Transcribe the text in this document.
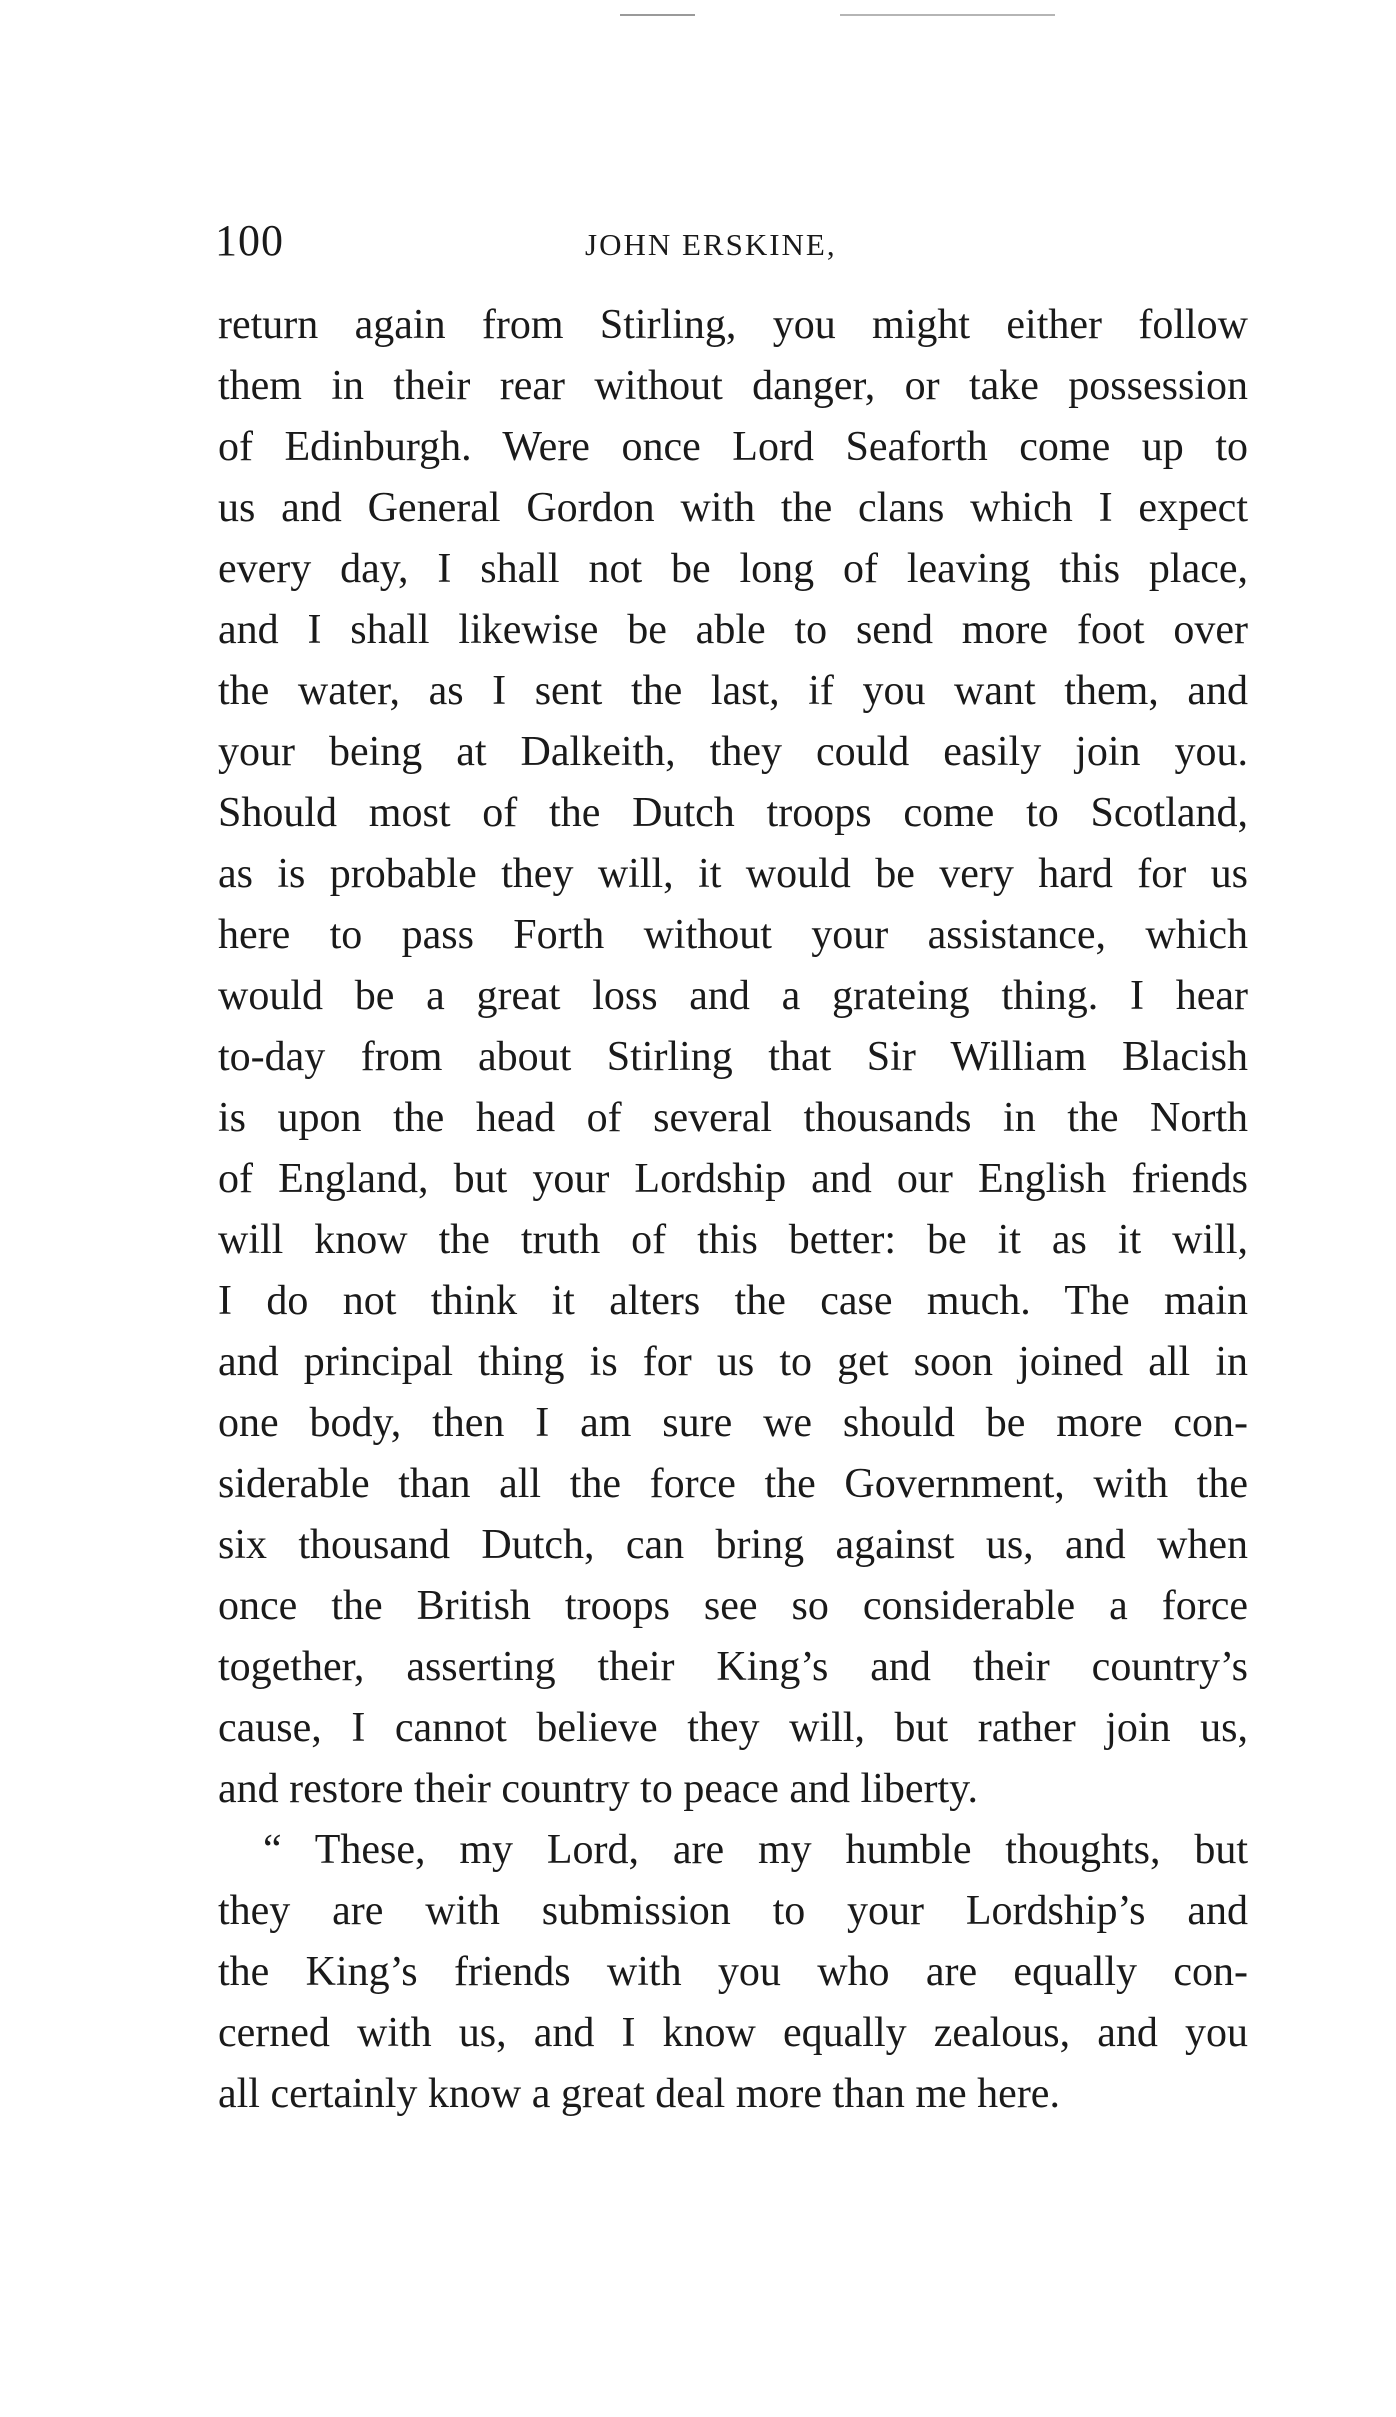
100	JOHN ERSKINE,
return again from Stirling, you might either follow
them in their rear without danger, or take possession
of Edinburgh. Were once Lord Seaforth come up to
us and General Gordon with the clans which I expect
every day, I shall not be long of leaving this place,
and I shall likewise be able to send more foot over
the water, as I sent the last, if you want them, and
your being at Dalkeith, they could easily join you.
Should most of the Dutch troops come to Scotland,
as is probable they will, it would be very hard for us
here to pass Forth without your assistance, which
would be a great loss and a grateing thing. I hear
to-day from about Stirling that Sir William Blacish
is upon the head of several thousands in the North
of England, but your Lordship and our English friends
will know the truth of this better: be it as it will,
I do not think it alters the case much. The main
and principal thing is for us to get soon joined all in
one body, then I am sure we should be more con-
siderable than all the force the Government, with the
six thousand Dutch, can bring against us, and when
once the British troops see so considerable a force
together, asserting their King’s and their country’s
cause, I cannot believe they will, but rather join us,
and restore their country to peace and liberty.
“ These, my Lord, are my humble thoughts, but
they are with submission to your Lordship’s and
the King’s friends with you who are equally con-
cerned with us, and I know equally zealous, and you
all certainly know a great deal more than me here.
